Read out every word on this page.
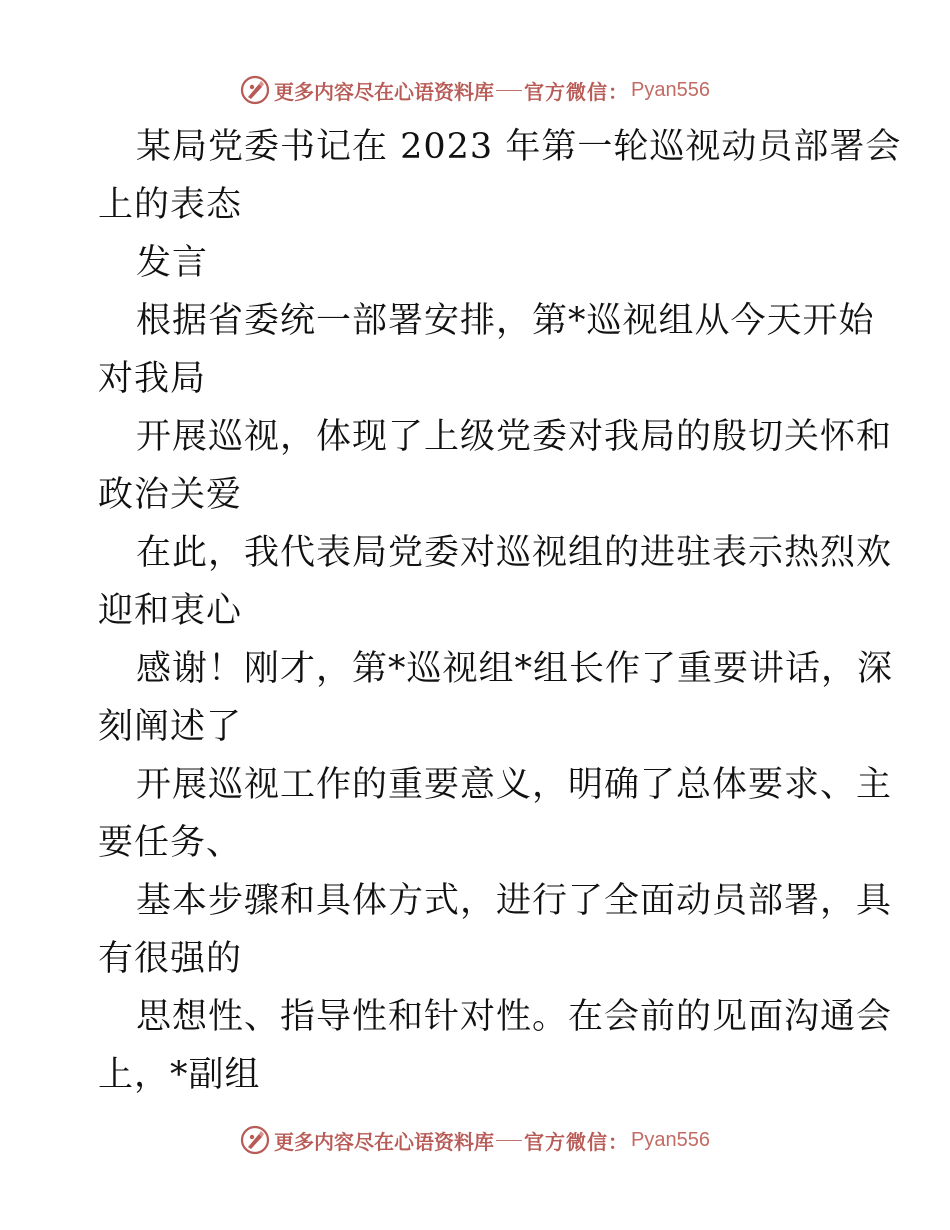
更多内容尽在心语资料库 官方微信： Pyan556
某局党委书记在 2023 年第一轮巡视动员部署会
上的表态
发言
根据省委统一部署安排，第*巡视组从今天开始
对我局
开展巡视，体现了上级党委对我局的殷切关怀和
政治关爱
在此，我代表局党委对巡视组的进驻表示热烈欢
迎和衷心
感谢！刚才，第*巡视组*组长作了重要讲话，深
刻阐述了
开展巡视工作的重要意义，明确了总体要求、主
要任务、
基本步骤和具体方式，进行了全面动员部署，具
有很强的
思想性、指导性和针对性。在会前的见面沟通会
上，*副组
更多内容尽在心语资料库 官方微信： Pyan556
